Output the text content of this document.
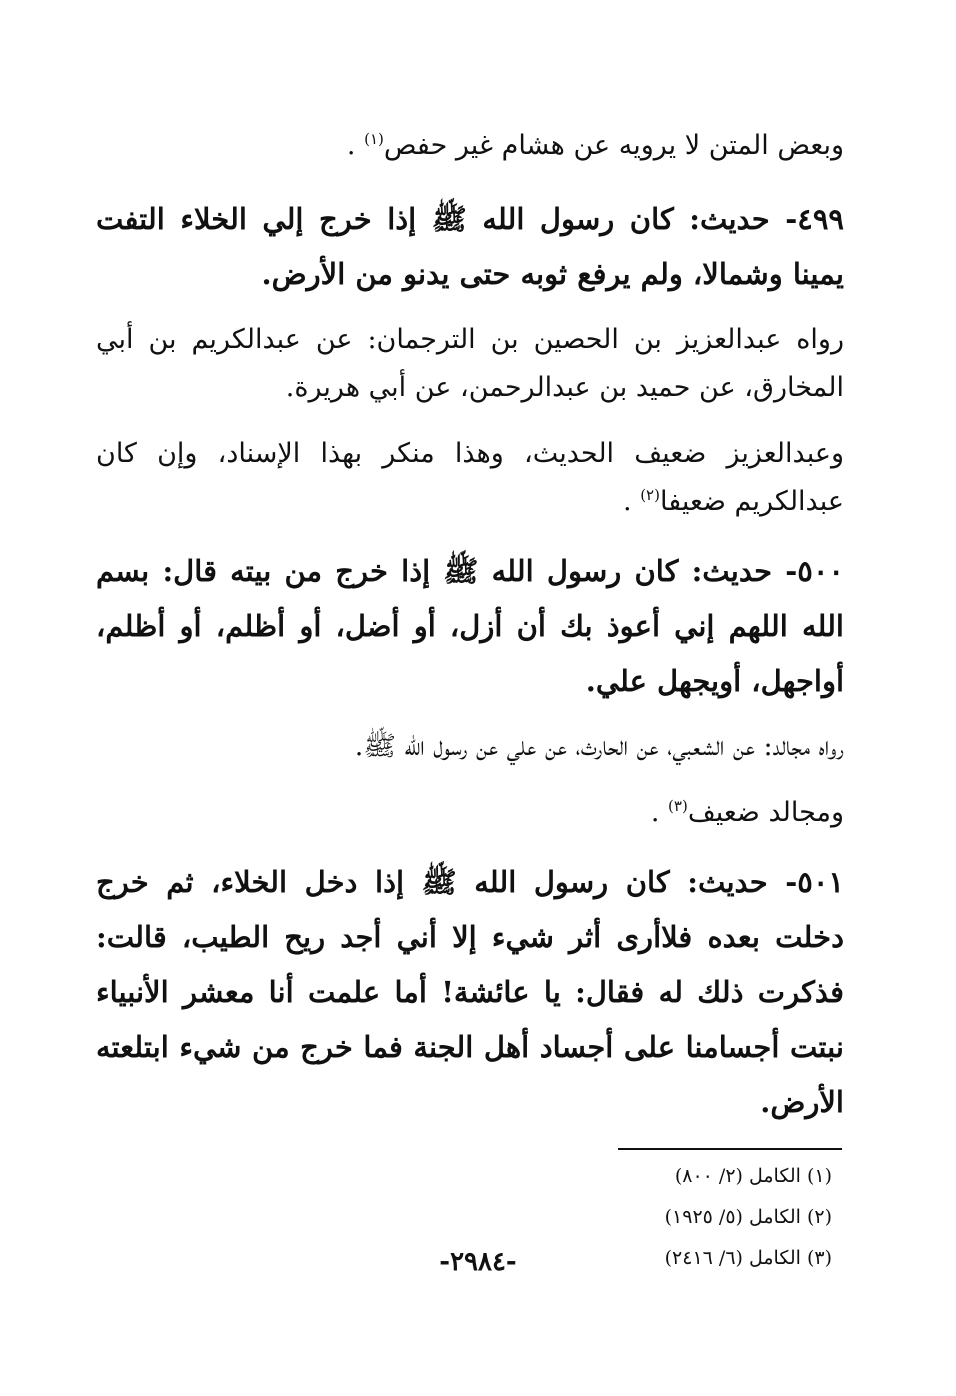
وبعض المتن لا يرويه عن هشام غير حفص$^{(١)}$ .

٤٩٩- حديث: كان رسول الله ﷺ إذا خرج إلي الخلاء التفت يمينا وشمالا، ولم يرفع ثوبه حتى يدنو من الأرض.

رواه عبدالعزيز بن الحصين بن الترجمان: عن عبدالكريم بن أبي المخارق، عن حميد بن عبدالرحمن، عن أبي هريرة.

وعبدالعزيز ضعيف الحديث، وهذا منكر بهذا الإسناد، وإن كان عبدالكريم ضعيفا$^{(٢)}$ .

٥٠٠- حديث: كان رسول الله ﷺ إذا خرج من بيته قال: بسم الله اللهم إني أعوذ بك أن أزل، أو أضل، أو أظلم، أو أظلم، أواجهل، أويجهل علي.

رواه مجالد: عن الشعبي، عن الحارث، عن علي عن رسول الله ﷺ.

ومجالد ضعيف$^{(٣)}$ .

٥٠١- حديث: كان رسول الله ﷺ إذا دخل الخلاء، ثم خرج دخلت بعده فلاأرى أثر شيء إلا أني أجد ريح الطيب، قالت: فذكرت ذلك له فقال: يا عائشة! أما علمت أنا معشر الأنبياء نبتت أجسامنا على أجساد أهل الجنة فما خرج من شيء ابتلعته الأرض.

(١) الكامل (٢/ ٨٠٠)
(٢) الكامل (٥/ ١٩٢٥)
(٣) الكامل (٦/ ٢٤١٦)
-٢٩٨٤-
